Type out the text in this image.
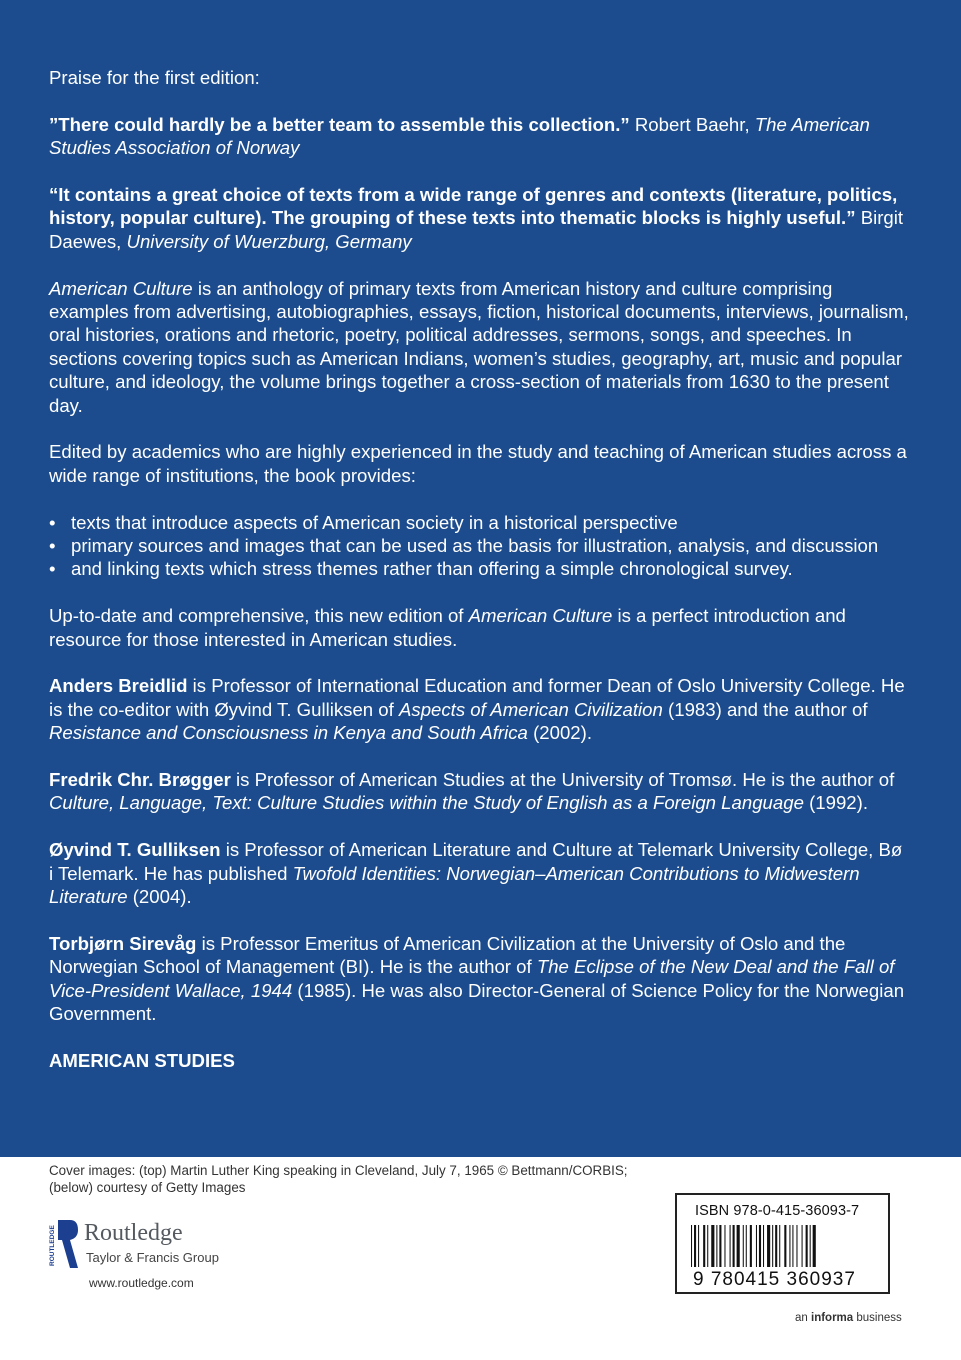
Praise for the first edition:

”There could hardly be a better team to assemble this collection.” Robert Baehr, The American Studies Association of Norway

“It contains a great choice of texts from a wide range of genres and contexts (literature, politics, history, popular culture). The grouping of these texts into thematic blocks is highly useful.” Birgit Daewes, University of Wuerzburg, Germany

American Culture is an anthology of primary texts from American history and culture comprising examples from advertising, autobiographies, essays, fiction, historical documents, interviews, journalism, oral histories, orations and rhetoric, poetry, political addresses, sermons, songs, and speeches. In sections covering topics such as American Indians, women’s studies, geography, art, music and popular culture, and ideology, the volume brings together a cross-section of materials from 1630 to the present day.

Edited by academics who are highly experienced in the study and teaching of American studies across a wide range of institutions, the book provides:

• texts that introduce aspects of American society in a historical perspective
• primary sources and images that can be used as the basis for illustration, analysis, and discussion
• and linking texts which stress themes rather than offering a simple chronological survey.

Up-to-date and comprehensive, this new edition of American Culture is a perfect introduction and resource for those interested in American studies.

Anders Breidlid is Professor of International Education and former Dean of Oslo University College. He is the co-editor with Øyvind T. Gulliksen of Aspects of American Civilization (1983) and the author of Resistance and Consciousness in Kenya and South Africa (2002).

Fredrik Chr. Brøgger is Professor of American Studies at the University of Tromsø. He is the author of Culture, Language, Text: Culture Studies within the Study of English as a Foreign Language (1992).

Øyvind T. Gulliksen is Professor of American Literature and Culture at Telemark University College, Bø i Telemark. He has published Twofold Identities: Norwegian–American Contributions to Midwestern Literature (2004).

Torbjørn Sirevåg is Professor Emeritus of American Civilization at the University of Oslo and the Norwegian School of Management (BI). He is the author of The Eclipse of the New Deal and the Fall of Vice-President Wallace, 1944 (1985). He was also Director-General of Science Policy for the Norwegian Government.

AMERICAN STUDIES
Cover images: (top) Martin Luther King speaking in Cleveland, July 7, 1965 © Bettmann/CORBIS;
(below) courtesy of Getty Images
ROUTLEDGE Routledge
Taylor & Francis Group
www.routledge.com
ISBN 978-0-415-36093-7
9 780415 360937
an informa business
